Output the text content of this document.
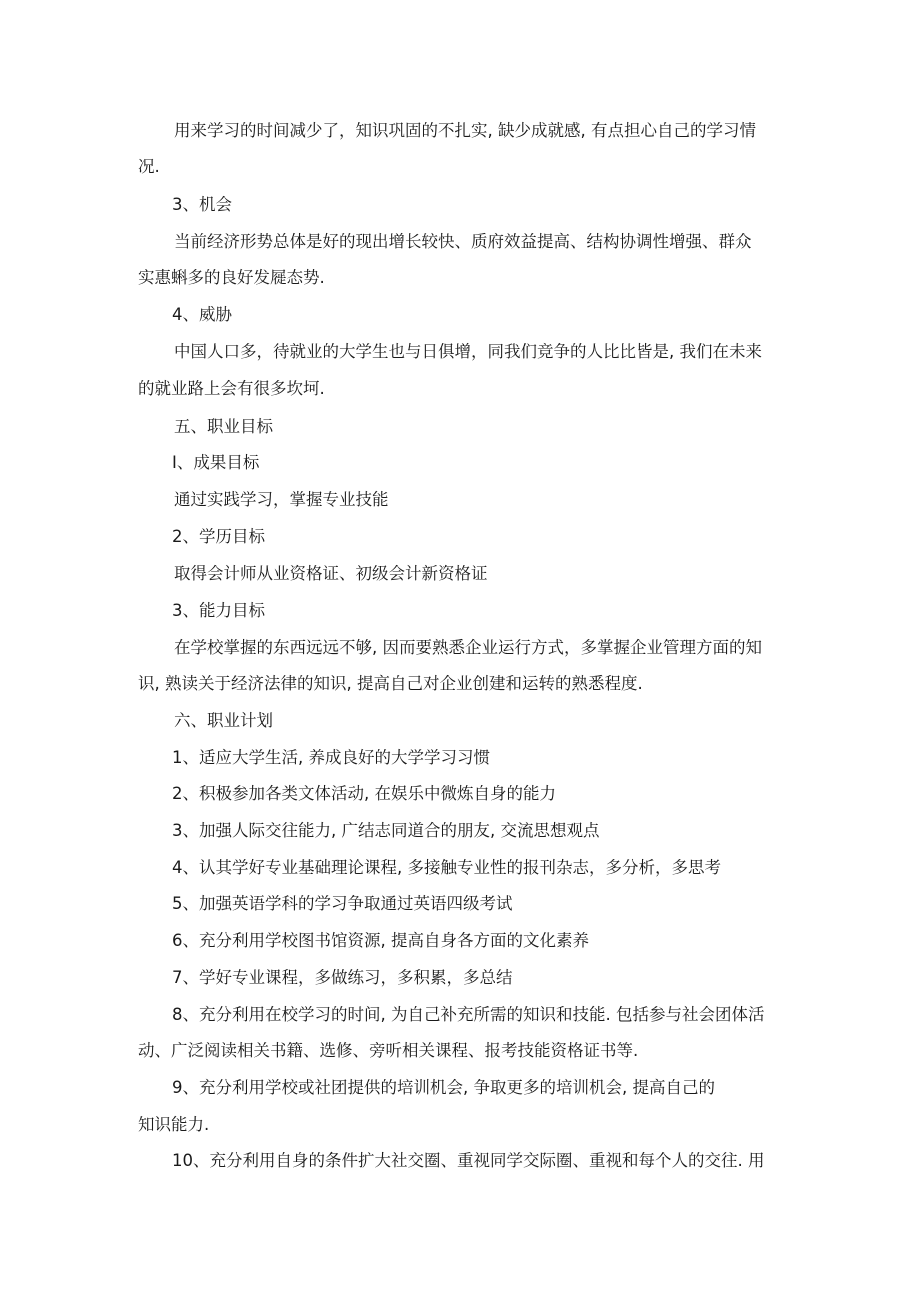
用来学习的时间减少了，知识巩固的不扎实, 缺少成就感, 有点担心自己的学习情
况.
3、机会
当前经济形势总体是好的现出增长较快、质府效益提高、结构协调性增强、群众
实惠蝌多的良好发屣态势.
4、威胁
中国人口多，待就业的大学生也与日俱增，同我们竞争的人比比皆是, 我们在未来
的就业路上会有很多坎坷.
五、职业目标
I、成果目标
通过实践学习，掌握专业技能
2、学历目标
取得会计师从业资格证、初级会计新资格证
3、能力目标
在学校掌握的东西远远不够, 因而要熟悉企业运行方式，多掌握企业管理方面的知
识, 熟读关于经济法律的知识, 提高自己对企业创建和运转的熟悉程度.
六、职业计划
1、适应大学生活, 养成良好的大学学习习惯
2、积极参加各类文体活动, 在娱乐中微炼自身的能力
3、加强人际交往能力, 广结志同道合的朋友, 交流思想观点
4、认其学好专业基础理论课程, 多接触专业性的报刊杂志，多分析，多思考
5、加强英语学科的学习争取通过英语四级考试
6、充分利用学校图书馆资源, 提高自身各方面的文化素养
7、学好专业课程，多做练习，多积累，多总结
8、充分利用在校学习的时间, 为自己补充所需的知识和技能. 包括参与社会团体活
动、广泛阅读相关书籍、选修、旁听相关课程、报考技能资格证书等.
9、充分利用学校或社团提供的培训机会, 争取更多的培训机会, 提高自己的
知识能力.
10、充分利用自身的条件扩大社交圈、重视同学交际圈、重视和每个人的交往. 用
